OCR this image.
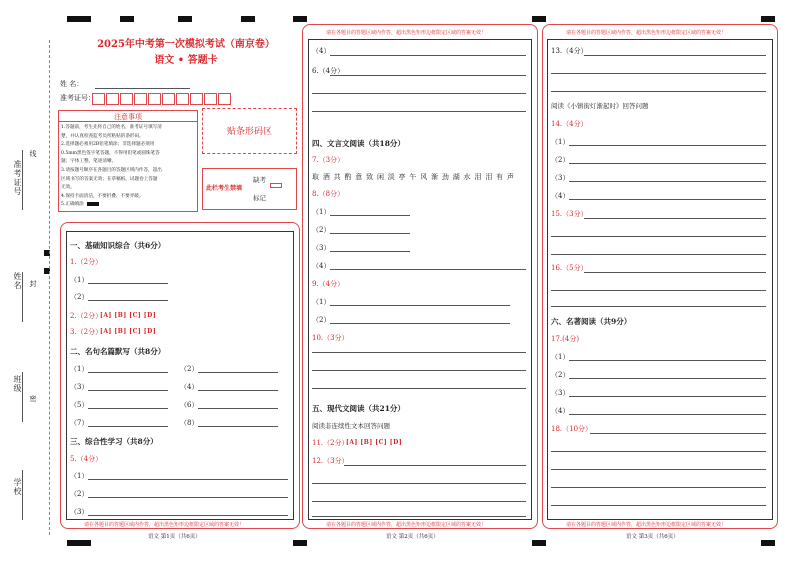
准考证号
线
姓名 封
班级
密
学校
2025年中考第一次模拟考试（南京卷）
语文 • 答题卡
姓 名：
准考证号：
注意事项
1.答题前，考生先将自己的姓名，准考证号填写清
楚，并认真检查监考员所粘贴的条形码。
2.选择题必须用2B铅笔填涂；非选择题必须用
0.5mm黑色签字笔答题，不得用铅笔或圆珠笔答
题；字体工整、笔迹清晰。
3.请按题号顺序在各题目的答题区域内作答，超出
区域书写的答案无效；在草稿纸、试题卷上答题
无效。
4.保持卡面清洁，不要折叠、不要弄破。
5.正确填涂
贴条形码区
此栏考生禁填
缺考
标记
请在各题目的答题区域内作答，超出黑色矩形边框限定区域的答案无效！
一、基础知识综合（共6分）
1.（2分）
（1）
（2）
2.（2分）
[A] [B] [C] [D]
3.（2分）
[A] [B] [C] [D]
二、名句名篇默写（共8分）
（1）	（2）
（3）	（4）
（5）	（6）
（7）	（8）
三、综合性学习（共8分）
5.（4分）
（1）
（2）
（3）
语文 第1页（共6页）
请在各题目的答题区域内作答，超出黑色矩形边框限定区域的答案无效！
请在各题目的答题区域内作答，超出黑色矩形边框限定区域的答案无效！
（4）
6.（4分）
四、文言文阅读（共18分）
7.（3分）
取 酒 共 酌 意 致 闲 淡 亭 午 风 渐 劲 湖 水 泪 泪 有 声
8.（8分）
（1）
（2）
（3）
（4）
9.（4分）
（1）
（2）
10.（3分）
五、现代文阅读（共21分）
阅读非连续性文本回答问题
11.（2分）
[A] [B] [C] [D]
12.（3分）
语文 第2页（共6页）
请在各题目的答题区域内作答，超出黑色矩形边框限定区域的答案无效！
请在各题目的答题区域内作答，超出黑色矩形边框限定区域的答案无效！
13.（4分）
阅读《小镇街灯渐起时》回答问题
14.（4分）
（1）
（2）
（3）
（4）
15.（3分）
16.（5分）
六、名著阅读（共9分）
17.(4分)
（1）
（2）
（3）
（4）
18.（10分）
语文 第3页（共6页）
